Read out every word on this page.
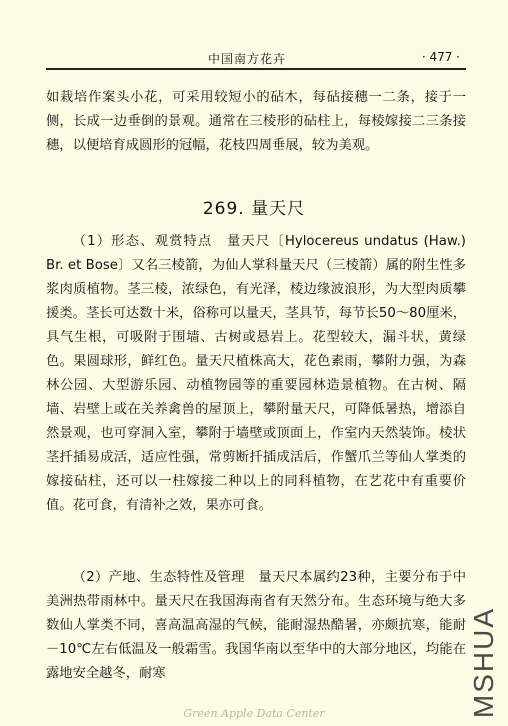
中国南方花卉	· 477 ·

如栽培作案头小花，可采用较短小的砧木，每砧接穗一二条，接于一侧，长成一边垂倒的景观。通常在三棱形的砧柱上，每棱嫁接二三条接穗，以便培育成圆形的冠幅，花枝四周垂展，较为美观。

269. 量天尺

（1）形态、观赏特点　量天尺〔Hylocereus undatus (Haw.) Br. et Bose〕又名三棱箭，为仙人掌科量天尺（三棱箭）属的附生性多浆肉质植物。茎三棱，浓绿色，有光泽，棱边缘波浪形，为大型肉质攀援类。茎长可达数十米，俗称可以量天，茎具节，每节长50～80厘米，具气生根，可吸附于围墙、古树或悬岩上。花型较大，漏斗状，黄绿色。果圆球形，鲜红色。量天尺植株高大，花色素雨，攀附力强，为森林公园、大型游乐园、动植物园等的重要园林造景植物。在古树、隔墙、岩壁上或在关养禽兽的屋顶上，攀附量天尺，可降低暑热，增添自然景观，也可穿洞入室，攀附于墙壁或顶面上，作室内天然装饰。棱状茎扦插易成活，适应性强，常剪断扦插成活后，作蟹爪兰等仙人掌类的嫁接砧柱，还可以一柱嫁接二种以上的同科植物，在艺花中有重要价值。花可食，有清补之效，果亦可食。

（2）产地、生态特性及管理　量天尺本属约23种，主要分布于中美洲热带雨林中。量天尺在我国海南省有天然分布。生态环境与绝大多数仙人掌类不同，喜高温高湿的气候，能耐湿热酷暑，亦颇抗寒，能耐－10℃左右低温及一般霜雪。我国华南以至华中的大部分地区，均能在露地安全越冬，耐寒	MSHUA
Green Apple Data Center
